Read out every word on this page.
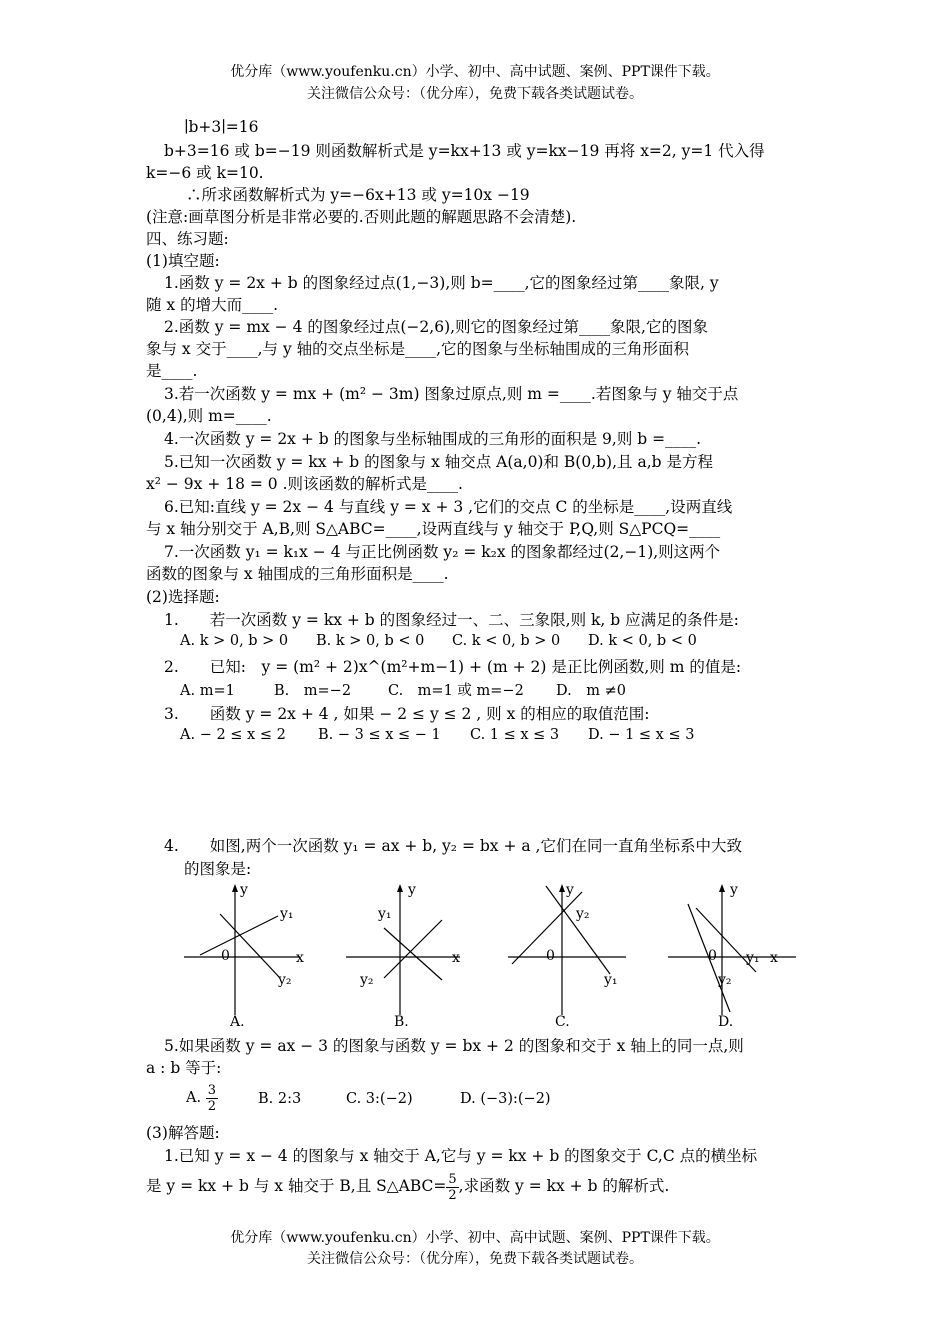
优分库（www.youfenku.cn）小学、初中、高中试题、案例、PPT课件下载。
关注微信公众号：（优分库），免费下载各类试题试卷。
∣b+3∣=16
b+3=16 或 b=−19 则函数解析式是 y=kx+13 或 y=kx−19 再将 x=2, y=1 代入得
k=−6 或 k=10.
∴所求函数解析式为 y=−6x+13 或 y=10x −19
(注意:画草图分析是非常必要的.否则此题的解题思路不会清楚).
四、练习题:
(1)填空题:
1.函数 y = 2x + b 的图象经过点(1,−3),则 b=____,它的图象经过第____象限, y
随 x 的增大而____.
2.函数 y = mx − 4 的图象经过点(−2,6),则它的图象经过第____象限,它的图象
象与 x 交于____,与 y 轴的交点坐标是____,它的图象与坐标轴围成的三角形面积
是____.
3.若一次函数 y = mx + (m² − 3m) 图象过原点,则 m =____.若图象与 y 轴交于点
(0,4),则 m=____.
4.一次函数 y = 2x + b 的图象与坐标轴围成的三角形的面积是 9,则 b =____.
5.已知一次函数 y = kx + b 的图象与 x 轴交点 A(a,0)和 B(0,b),且 a,b 是方程
x² − 9x + 18 = 0 .则该函数的解析式是____.
6.已知:直线 y = 2x − 4 与直线 y = x + 3 ,它们的交点 C 的坐标是____,设两直线
与 x 轴分别交于 A,B,则 S△ABC=____,设两直线与 y 轴交于 P,Q,则 S△PCQ=____
7.一次函数 y₁ = k₁x − 4 与正比例函数 y₂ = k₂x 的图象都经过(2,−1),则这两个
函数的图象与 x 轴围成的三角形面积是____.
(2)选择题:
1.　　若一次函数 y = kx + b 的图象经过一、二、三象限,则 k, b 应满足的条件是:
A. k > 0, b > 0 B. k > 0, b < 0 C. k < 0, b > 0 D. k < 0, b < 0
2.　　已知:　y = (m² + 2)x^(m²+m−1) + (m + 2) 是正比例函数,则 m 的值是:
A. m=1	B.　m=−2	C.　m=1 或 m=−2 D.　m ≠0
3.　　函数 y = 2x + 4 , 如果 − 2 ≤ y ≤ 2 , 则 x 的相应的取值范围:
A. − 2 ≤ x ≤ 2 B. − 3 ≤ x ≤ − 1 C. 1 ≤ x ≤ 3 D. − 1 ≤ x ≤ 3
4.　　如图,两个一次函数 y₁ = ax + b, y₂ = bx + a ,它们在同一直角坐标系中大致
的图象是:
y
x
0
y₁
y₂
A.
y
x
y₁
y₂
B.
y
0
y₂
y₁
C.
y
x
0 y₁
y₂
D.
5.如果函数 y = ax − 3 的图象与函数 y = bx + 2 的图象和交于 x 轴上的同一点,则
a : b 等于:
A. $\frac{3}{2}$	B. 2:3	C. 3:(−2)	D. (−3):(−2)
(3)解答题:
1.已知 y = x − 4 的图象与 x 轴交于 A,它与 y = kx + b 的图象交于 C,C 点的横坐标
是 y = kx + b 与 x 轴交于 B,且 S△ABC= $\frac{5}{2}$ ,求函数 y = kx + b 的解析式.
优分库（www.youfenku.cn）小学、初中、高中试题、案例、PPT课件下载。
关注微信公众号：（优分库），免费下载各类试题试卷。
